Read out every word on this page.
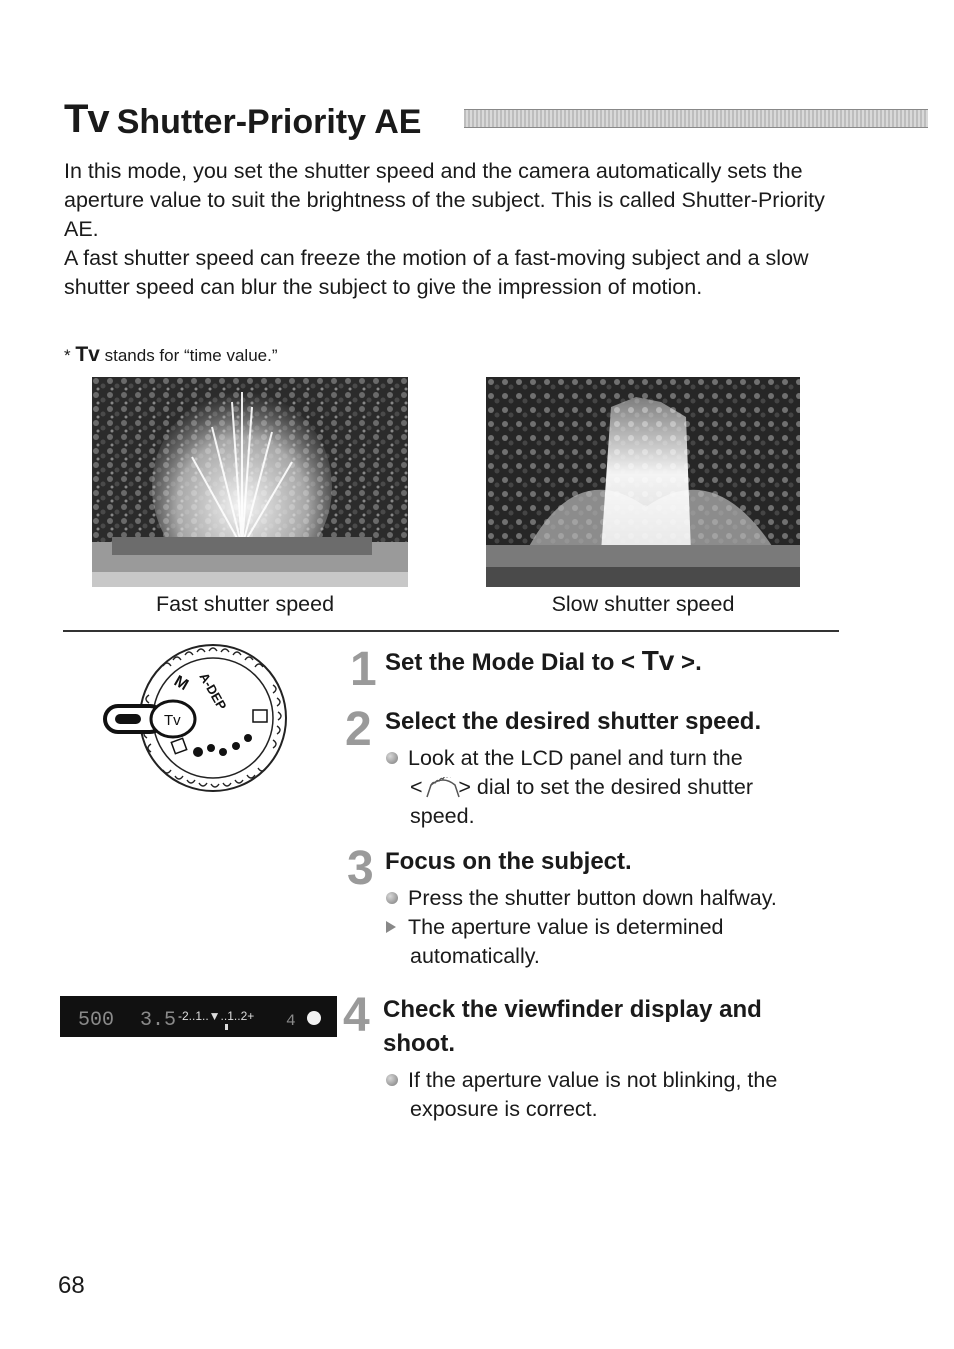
Tv Shutter-Priority AE

In this mode, you set the shutter speed and the camera automatically sets the aperture value to suit the brightness of the subject. This is called Shutter-Priority AE.

A fast shutter speed can freeze the motion of a fast-moving subject and a slow shutter speed can blur the subject to give the impression of motion.

* Tv stands for “time value.”
Fast shutter speed	Slow shutter speed
Tv
A-DEP
M	1 Set the Mode Dial to < Tv >.
2 Select the desired shutter speed.
Look at the LCD panel and turn the
<      > dial to set the desired shutter
speed.
3 Focus on the subject.
Press the shutter button down halfway.
The aperture value is determined
automatically.
500 3.5 -2..1..▼..1..2+ 4 4 Check the viewfinder display and
shoot.
If the aperture value is not blinking, the
exposure is correct.
68
